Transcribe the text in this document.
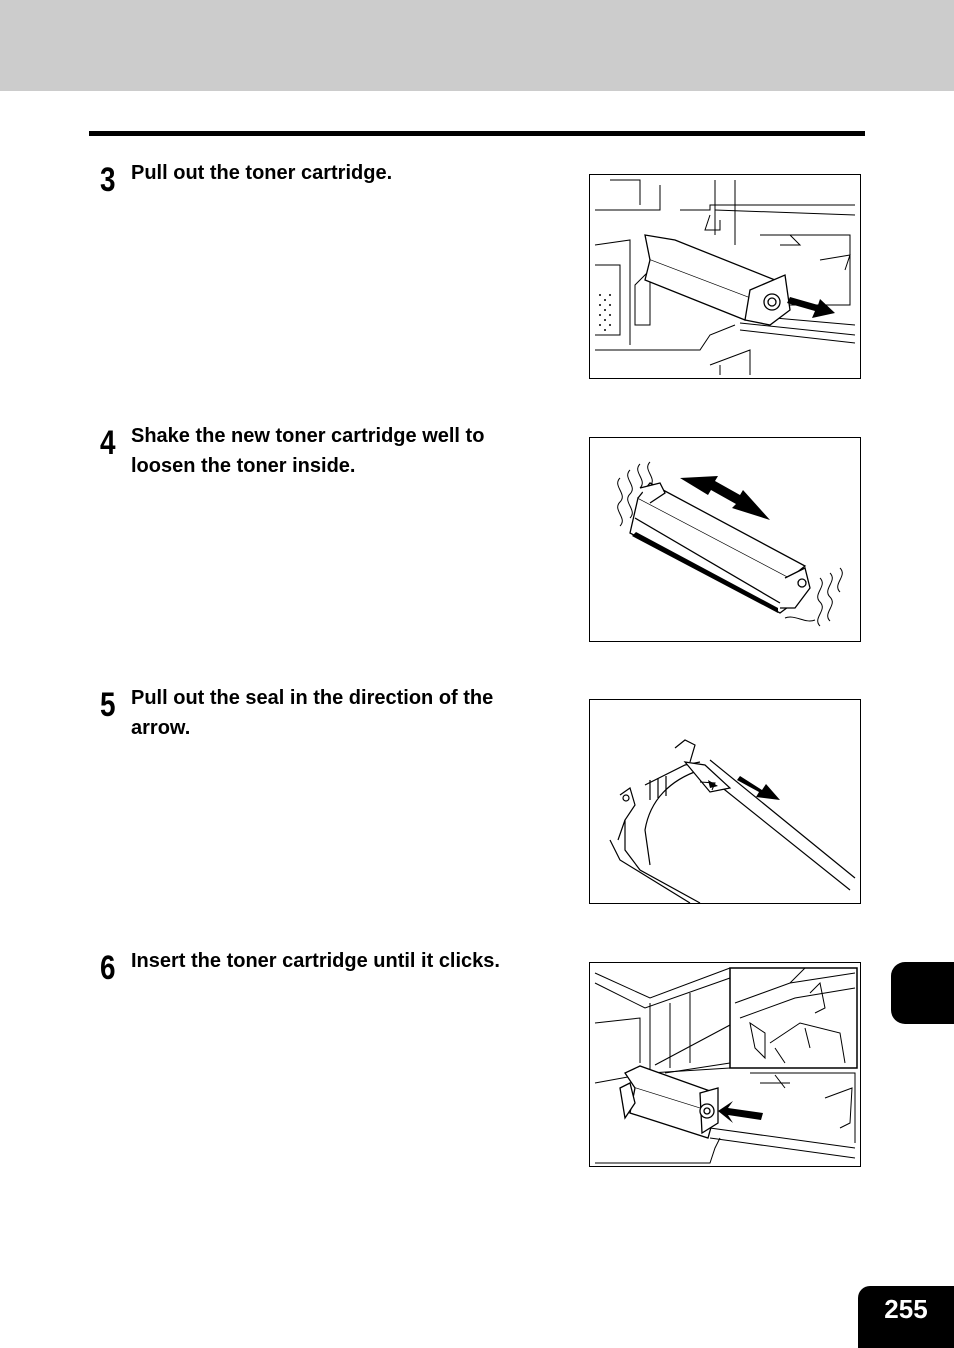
3 Pull out the toner cartridge.
4 Shake the new toner cartridge well to loosen the toner inside.
5 Pull out the seal in the direction of the arrow.
6 Insert the toner cartridge until it clicks.
255
